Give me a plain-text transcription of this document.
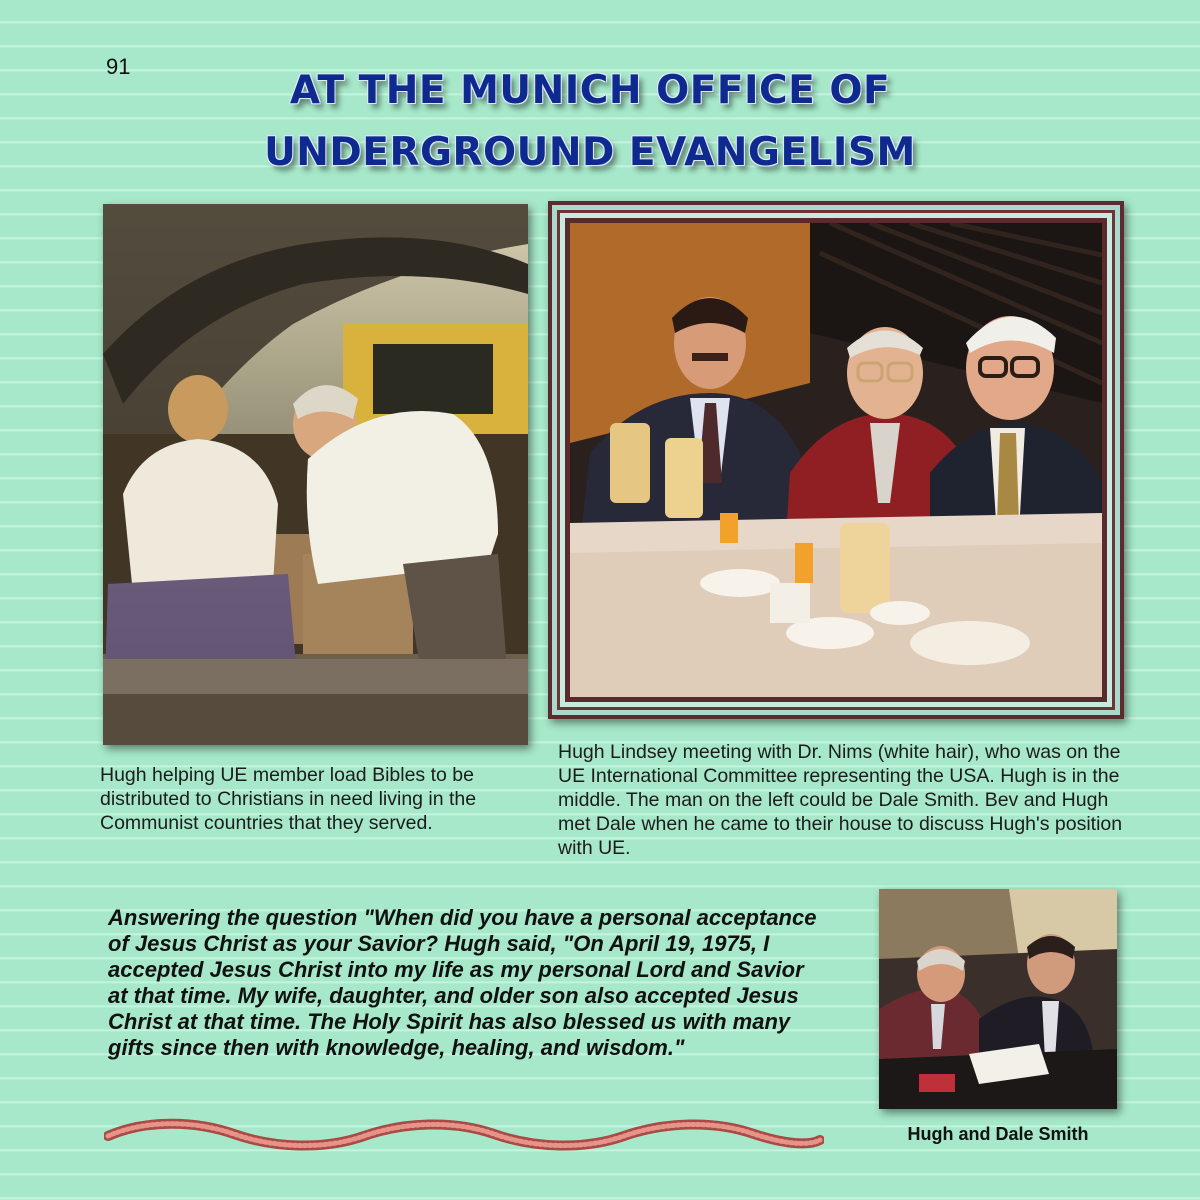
91
AT THE MUNICH OFFICE OF
UNDERGROUND EVANGELISM
Hugh helping UE member load Bibles to be distributed to Christians in need living in the Communist countries that they served.
Hugh Lindsey meeting with Dr. Nims (white hair), who was on the UE International Committee representing the USA. Hugh is in the middle. The man on the left could be Dale Smith. Bev and Hugh met Dale when he came to their house to discuss Hugh's position with UE.
Answering the question "When did you have a personal acceptance of Jesus Christ as your Savior? Hugh said, "On April 19, 1975, I accepted Jesus Christ into my life as my personal Lord and Savior at that time. My wife, daughter, and older son also accepted Jesus Christ at that time. The Holy Spirit has also blessed us with many gifts since then with knowledge, healing, and wisdom."
Hugh and Dale Smith
